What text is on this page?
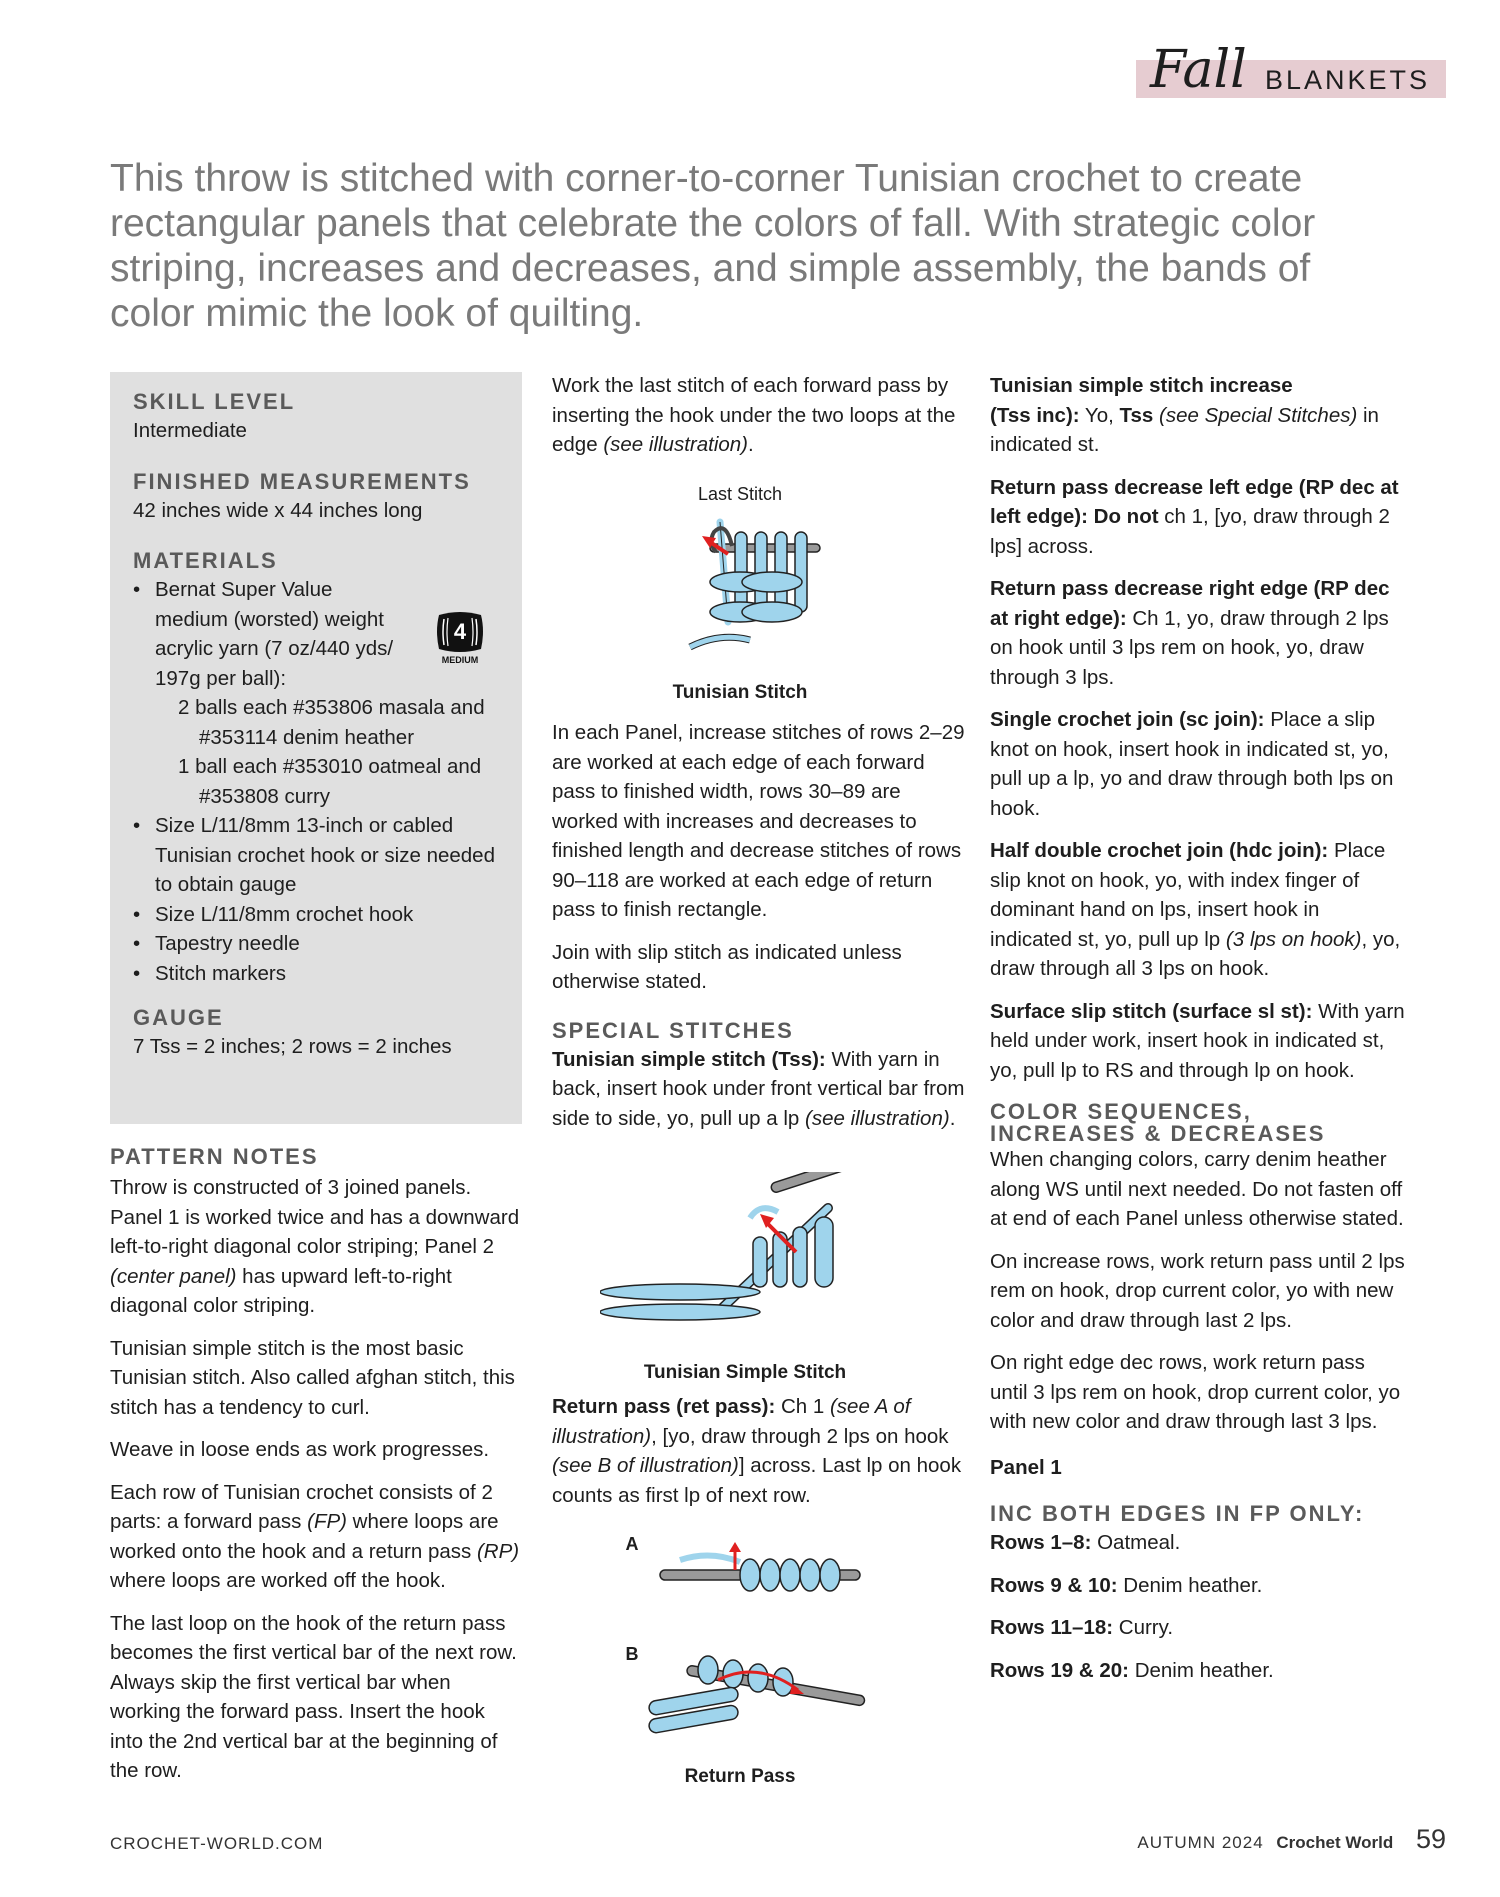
Fall BLANKETS
This throw is stitched with corner-to-corner Tunisian crochet to create rectangular panels that celebrate the colors of fall. With strategic color striping, increases and decreases, and simple assembly, the bands of color mimic the look of quilting.
SKILL LEVEL
Intermediate
FINISHED MEASUREMENTS
42 inches wide x 44 inches long
MATERIALS
• Bernat Super Value
medium (worsted) weight
acrylic yarn (7 oz/440 yds/
197g per ball):
2 balls each #353806 masala and
#353114 denim heather
1 ball each #353010 oatmeal and
#353808 curry
• Size L/11/8mm 13-inch or cabled
Tunisian crochet hook or size needed
to obtain gauge
• Size L/11/8mm crochet hook
• Tapestry needle
• Stitch markers
GAUGE
7 Tss = 2 inches; 2 rows = 2 inches
4
MEDIUM
PATTERN NOTES

Throw is constructed of 3 joined panels. Panel 1 is worked twice and has a downward left-to-right diagonal color striping; Panel 2 (center panel) has upward left-to-right diagonal color striping.

Tunisian simple stitch is the most basic Tunisian stitch. Also called afghan stitch, this stitch has a tendency to curl.

Weave in loose ends as work progresses.

Each row of Tunisian crochet consists of 2 parts: a forward pass (FP) where loops are worked onto the hook and a return pass (RP) where loops are worked off the hook.

The last loop on the hook of the return pass becomes the first vertical bar of the next row. Always skip the first vertical bar when working the forward pass. Insert the hook into the 2nd vertical bar at the beginning of the row.

Work the last stitch of each forward pass by inserting the hook under the two loops at the edge (see illustration).

Last Stitch
Tunisian Stitch

In each Panel, increase stitches of rows 2–29 are worked at each edge of each forward pass to finished width, rows 30–89 are worked with increases and decreases to finished length and decrease stitches of rows 90–118 are worked at each edge of return pass to finish rectangle.

Join with slip stitch as indicated unless otherwise stated.

SPECIAL STITCHES

Tunisian simple stitch (Tss): With yarn in back, insert hook under front vertical bar from side to side, yo, pull up a lp (see illustration).

Tunisian Simple Stitch

Return pass (ret pass): Ch 1 (see A of illustration), [yo, draw through 2 lps on hook (see B of illustration)] across. Last lp on hook counts as first lp of next row.

A
B
Return Pass

Tunisian simple stitch increase
(Tss inc): Yo, Tss (see Special Stitches) in indicated st.

Return pass decrease left edge (RP dec at left edge): Do not ch 1, [yo, draw through 2 lps] across.

Return pass decrease right edge (RP dec at right edge): Ch 1, yo, draw through 2 lps on hook until 3 lps rem on hook, yo, draw through 3 lps.

Single crochet join (sc join): Place a slip knot on hook, insert hook in indicated st, yo, pull up a lp, yo and draw through both lps on hook.

Half double crochet join (hdc join): Place slip knot on hook, yo, with index finger of dominant hand on lps, insert hook in indicated st, yo, pull up lp (3 lps on hook), yo, draw through all 3 lps on hook.

Surface slip stitch (surface sl st): With yarn held under work, insert hook in indicated st, yo, pull lp to RS and through lp on hook.

COLOR SEQUENCES,
INCREASES & DECREASES

When changing colors, carry denim heather along WS until next needed. Do not fasten off at end of each Panel unless otherwise stated.

On increase rows, work return pass until 2 lps rem on hook, drop current color, yo with new color and draw through last 2 lps.

On right edge dec rows, work return pass until 3 lps rem on hook, drop current color, yo with new color and draw through last 3 lps.

Panel 1

INC BOTH EDGES IN FP ONLY:

Rows 1–8: Oatmeal.

Rows 9 & 10: Denim heather.

Rows 11–18: Curry.

Rows 19 & 20: Denim heather.

CROCHET-WORLD.COM	AUTUMN 2024 Crochet World 59
